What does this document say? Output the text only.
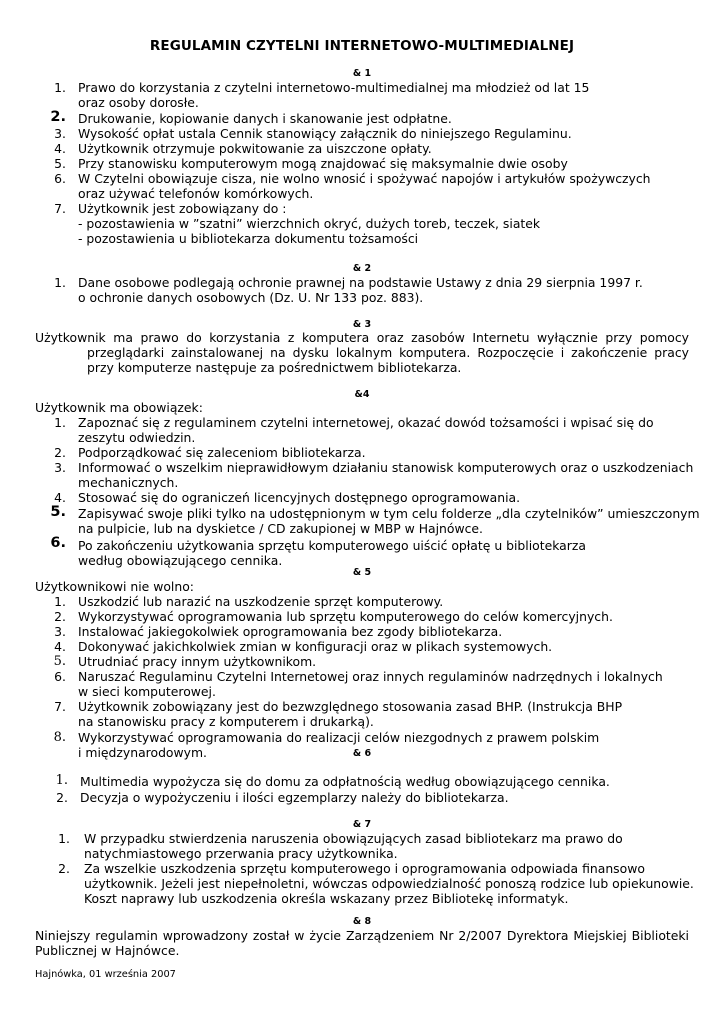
REGULAMIN CZYTELNI INTERNETOWO-MULTIMEDIALNEJ
& 1
1. Prawo do korzystania z czytelni internetowo-multimedialnej ma młodzież od lat 15
oraz osoby dorosłe.
2. Drukowanie, kopiowanie danych i skanowanie jest odpłatne.
3. Wysokość opłat ustala Cennik stanowiący załącznik do niniejszego Regulaminu.
4. Użytkownik otrzymuje pokwitowanie za uiszczone opłaty.
5. Przy stanowisku komputerowym mogą znajdować się maksymalnie dwie osoby
6. W Czytelni obowiązuje cisza, nie wolno wnosić i spożywać napojów i artykułów spożywczych
oraz używać telefonów komórkowych.
7. Użytkownik jest zobowiązany do :
- pozostawienia w ”szatni” wierzchnich okryć, dużych toreb, teczek, siatek
- pozostawienia u bibliotekarza dokumentu tożsamości
& 2
1. Dane osobowe podlegają ochronie prawnej na podstawie Ustawy z dnia 29 sierpnia 1997 r.
o ochronie danych osobowych (Dz. U. Nr 133 poz. 883).
& 3
Użytkownik ma prawo do korzystania z komputera oraz zasobów Internetu wyłącznie przy pomocy
przeglądarki zainstalowanej na dysku lokalnym komputera. Rozpoczęcie i zakończenie pracy przy komputerze następuje za pośrednictwem bibliotekarza.
&4
Użytkownik ma obowiązek:
1. Zapoznać się z regulaminem czytelni internetowej, okazać dowód tożsamości i wpisać się do
zeszytu odwiedzin.
2. Podporządkować się zaleceniom bibliotekarza.
3. Informować o wszelkim nieprawidłowym działaniu stanowisk komputerowych oraz o uszkodzeniach
mechanicznych.
4. Stosować się do ograniczeń licencyjnych dostępnego oprogramowania.
5. Zapisywać swoje pliki tylko na udostępnionym w tym celu folderze „dla czytelników” umieszczonym
na pulpicie, lub na dyskietce / CD zakupionej w MBP w Hajnówce.
6. Po zakończeniu użytkowania sprzętu komputerowego uiścić opłatę u bibliotekarza
według obowiązującego cennika.
& 5
Użytkownikowi nie wolno:
1. Uszkodzić lub narazić na uszkodzenie sprzęt komputerowy.
2. Wykorzystywać oprogramowania lub sprzętu komputerowego do celów komercyjnych.
3. Instalować jakiegokolwiek oprogramowania bez zgody bibliotekarza.
4. Dokonywać jakichkolwiek zmian w konfiguracji oraz w plikach systemowych.
5. Utrudniać pracy innym użytkownikom.
6. Naruszać Regulaminu Czytelni Internetowej oraz innych regulaminów nadrzędnych i lokalnych
w sieci komputerowej.
7. Użytkownik zobowiązany jest do bezwzględnego stosowania zasad BHP. (Instrukcja BHP
na stanowisku pracy z komputerem i drukarką).
8. Wykorzystywać oprogramowania do realizacji celów niezgodnych z prawem polskim
i międzynarodowym.	& 6
1. Multimedia wypożycza się do domu za odpłatnością według obowiązującego cennika.
2. Decyzja o wypożyczeniu i ilości egzemplarzy należy do bibliotekarza.
& 7
1. W przypadku stwierdzenia naruszenia obowiązujących zasad bibliotekarz ma prawo do
natychmiastowego przerwania pracy użytkownika.
2. Za wszelkie uszkodzenia sprzętu komputerowego i oprogramowania odpowiada finansowo
użytkownik. Jeżeli jest niepełnoletni, wówczas odpowiedzialność ponoszą rodzice lub opiekunowie.
Koszt naprawy lub uszkodzenia określa wskazany przez Bibliotekę informatyk.
& 8
Niniejszy regulamin wprowadzony został w życie Zarządzeniem Nr 2/2007 Dyrektora Miejskiej Biblioteki
Publicznej w Hajnówce.
Hajnówka, 01 września 2007
